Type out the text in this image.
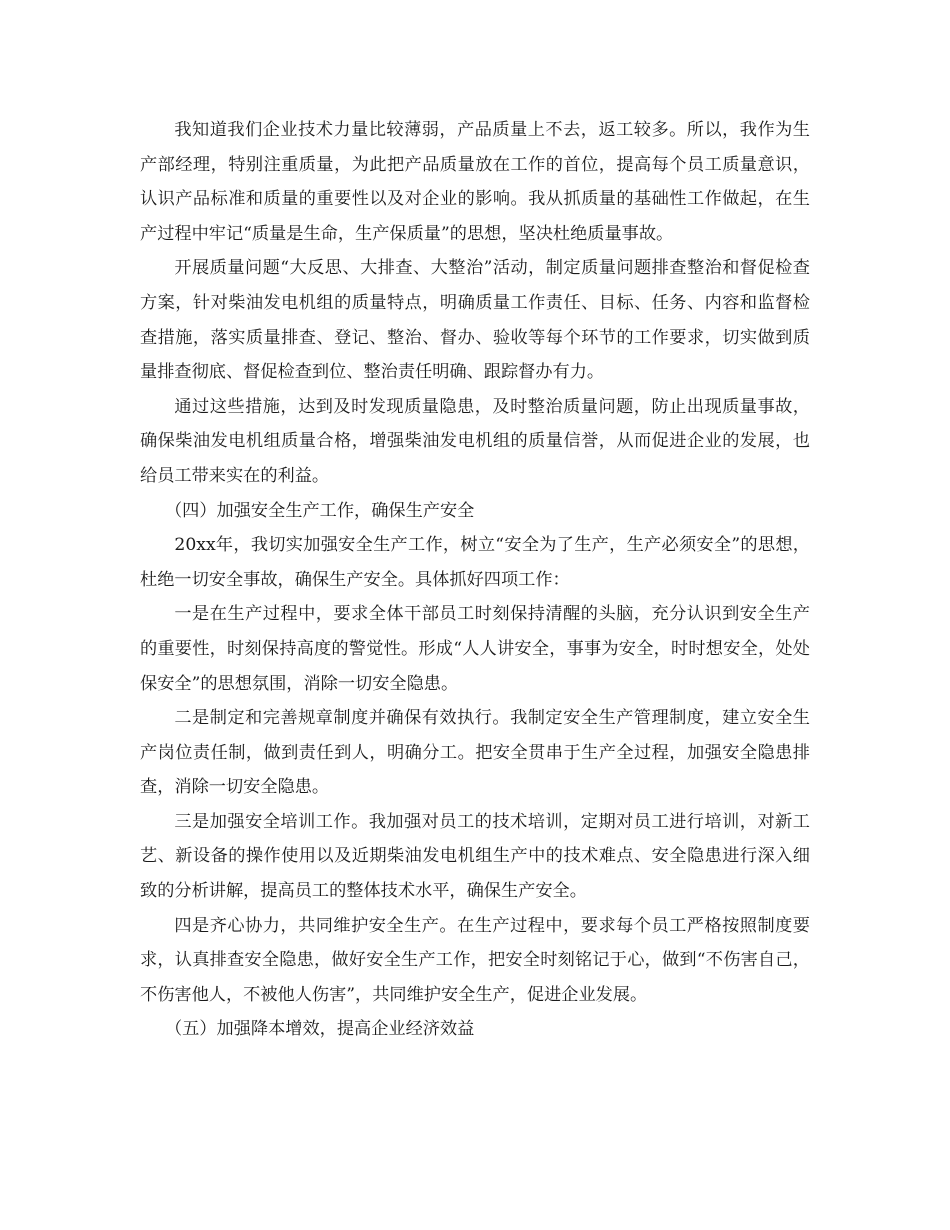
我知道我们企业技术力量比较薄弱，产品质量上不去，返工较多。所以，我作为生产部经理，特别注重质量，为此把产品质量放在工作的首位，提高每个员工质量意识，认识产品标准和质量的重要性以及对企业的影响。我从抓质量的基础性工作做起，在生产过程中牢记“质量是生命，生产保质量”的思想，坚决杜绝质量事故。

开展质量问题“大反思、大排查、大整治”活动，制定质量问题排查整治和督促检查方案，针对柴油发电机组的质量特点，明确质量工作责任、目标、任务、内容和监督检查措施，落实质量排查、登记、整治、督办、验收等每个环节的工作要求，切实做到质量排查彻底、督促检查到位、整治责任明确、跟踪督办有力。

通过这些措施，达到及时发现质量隐患，及时整治质量问题，防止出现质量事故，确保柴油发电机组质量合格，增强柴油发电机组的质量信誉，从而促进企业的发展，也给员工带来实在的利益。

（四）加强安全生产工作，确保生产安全

20xx年，我切实加强安全生产工作，树立“安全为了生产，生产必须安全”的思想，杜绝一切安全事故，确保生产安全。具体抓好四项工作：

一是在生产过程中，要求全体干部员工时刻保持清醒的头脑，充分认识到安全生产的重要性，时刻保持高度的警觉性。形成“人人讲安全，事事为安全，时时想安全，处处保安全”的思想氛围，消除一切安全隐患。

二是制定和完善规章制度并确保有效执行。我制定安全生产管理制度，建立安全生产岗位责任制，做到责任到人，明确分工。把安全贯串于生产全过程，加强安全隐患排查，消除一切安全隐患。

三是加强安全培训工作。我加强对员工的技术培训，定期对员工进行培训，对新工艺、新设备的操作使用以及近期柴油发电机组生产中的技术难点、安全隐患进行深入细致的分析讲解，提高员工的整体技术水平，确保生产安全。

四是齐心协力，共同维护安全生产。在生产过程中，要求每个员工严格按照制度要求，认真排查安全隐患，做好安全生产工作，把安全时刻铭记于心，做到“不伤害自己，不伤害他人，不被他人伤害”，共同维护安全生产，促进企业发展。

（五）加强降本增效，提高企业经济效益
